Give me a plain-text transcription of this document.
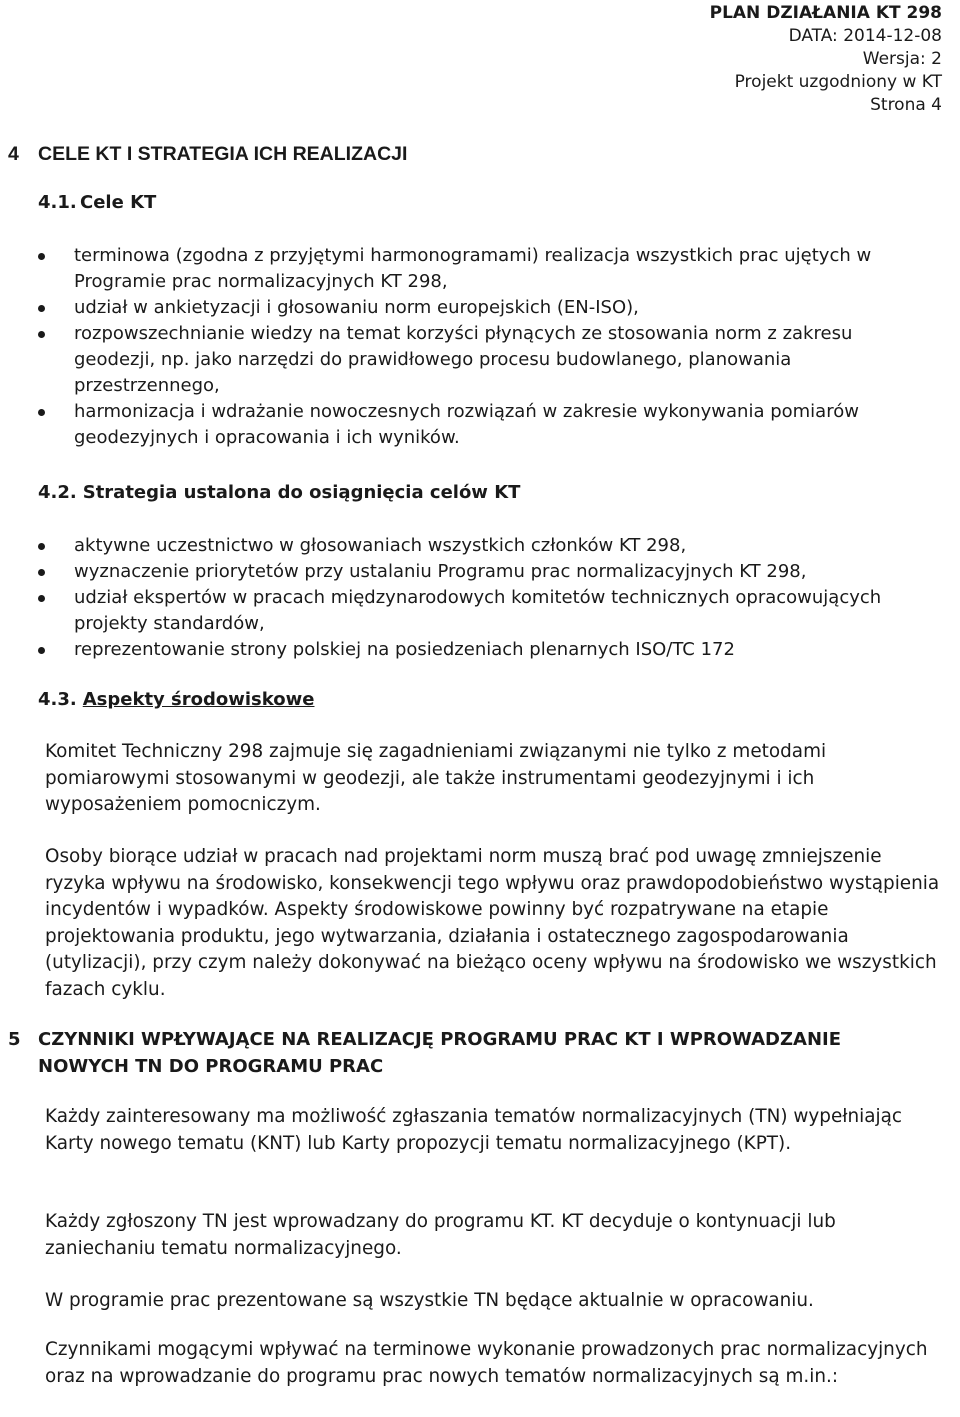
PLAN DZIAŁANIA KT 298
DATA: 2014-12-08
Wersja: 2
Projekt uzgodniony w KT
Strona 4
4 CELE KT I STRATEGIA ICH REALIZACJI
4.1. Cele KT
terminowa (zgodna z przyjętymi harmonogramami) realizacja wszystkich prac ujętych w Programie prac normalizacyjnych KT 298,
udział w ankietyzacji i głosowaniu norm europejskich (EN-ISO),
rozpowszechnianie wiedzy na temat korzyści płynących ze stosowania norm z zakresu geodezji, np. jako narzędzi do prawidłowego procesu budowlanego, planowania przestrzennego,
harmonizacja i wdrażanie nowoczesnych rozwiązań w zakresie wykonywania pomiarów geodezyjnych i opracowania i ich wyników.
4.2. Strategia ustalona do osiągnięcia celów KT
aktywne uczestnictwo w głosowaniach wszystkich członków KT 298,
wyznaczenie priorytetów przy ustalaniu Programu prac normalizacyjnych KT 298,
udział ekspertów w pracach międzynarodowych komitetów technicznych opracowujących projekty standardów,
reprezentowanie strony polskiej na posiedzeniach plenarnych ISO/TC 172
4.3. Aspekty środowiskowe
Komitet Techniczny 298 zajmuje się zagadnieniami związanymi nie tylko z metodami pomiarowymi stosowanymi w geodezji, ale także instrumentami geodezyjnymi i ich wyposażeniem pomocniczym.
Osoby biorące udział w pracach nad projektami norm muszą brać pod uwagę zmniejszenie ryzyka wpływu na środowisko, konsekwencji tego wpływu oraz prawdopodobieństwo wystąpienia incydentów i wypadków. Aspekty środowiskowe powinny być rozpatrywane na etapie projektowania produktu, jego wytwarzania, działania i ostatecznego zagospodarowania (utylizacji), przy czym należy dokonywać na bieżąco oceny wpływu na środowisko we wszystkich fazach cyklu.
5 CZYNNIKI WPŁYWAJĄCE NA REALIZACJĘ PROGRAMU PRAC KT I WPROWADZANIE NOWYCH TN DO PROGRAMU PRAC
Każdy zainteresowany ma możliwość zgłaszania tematów normalizacyjnych (TN) wypełniając Karty nowego tematu (KNT) lub Karty propozycji tematu normalizacyjnego (KPT).
Każdy zgłoszony TN jest wprowadzany do programu KT. KT decyduje o kontynuacji lub zaniechaniu tematu normalizacyjnego.
W programie prac prezentowane są wszystkie TN będące aktualnie w opracowaniu.
Czynnikami mogącymi wpływać na terminowe wykonanie prowadzonych prac normalizacyjnych oraz na wprowadzanie do programu prac nowych tematów normalizacyjnych są m.in.:
